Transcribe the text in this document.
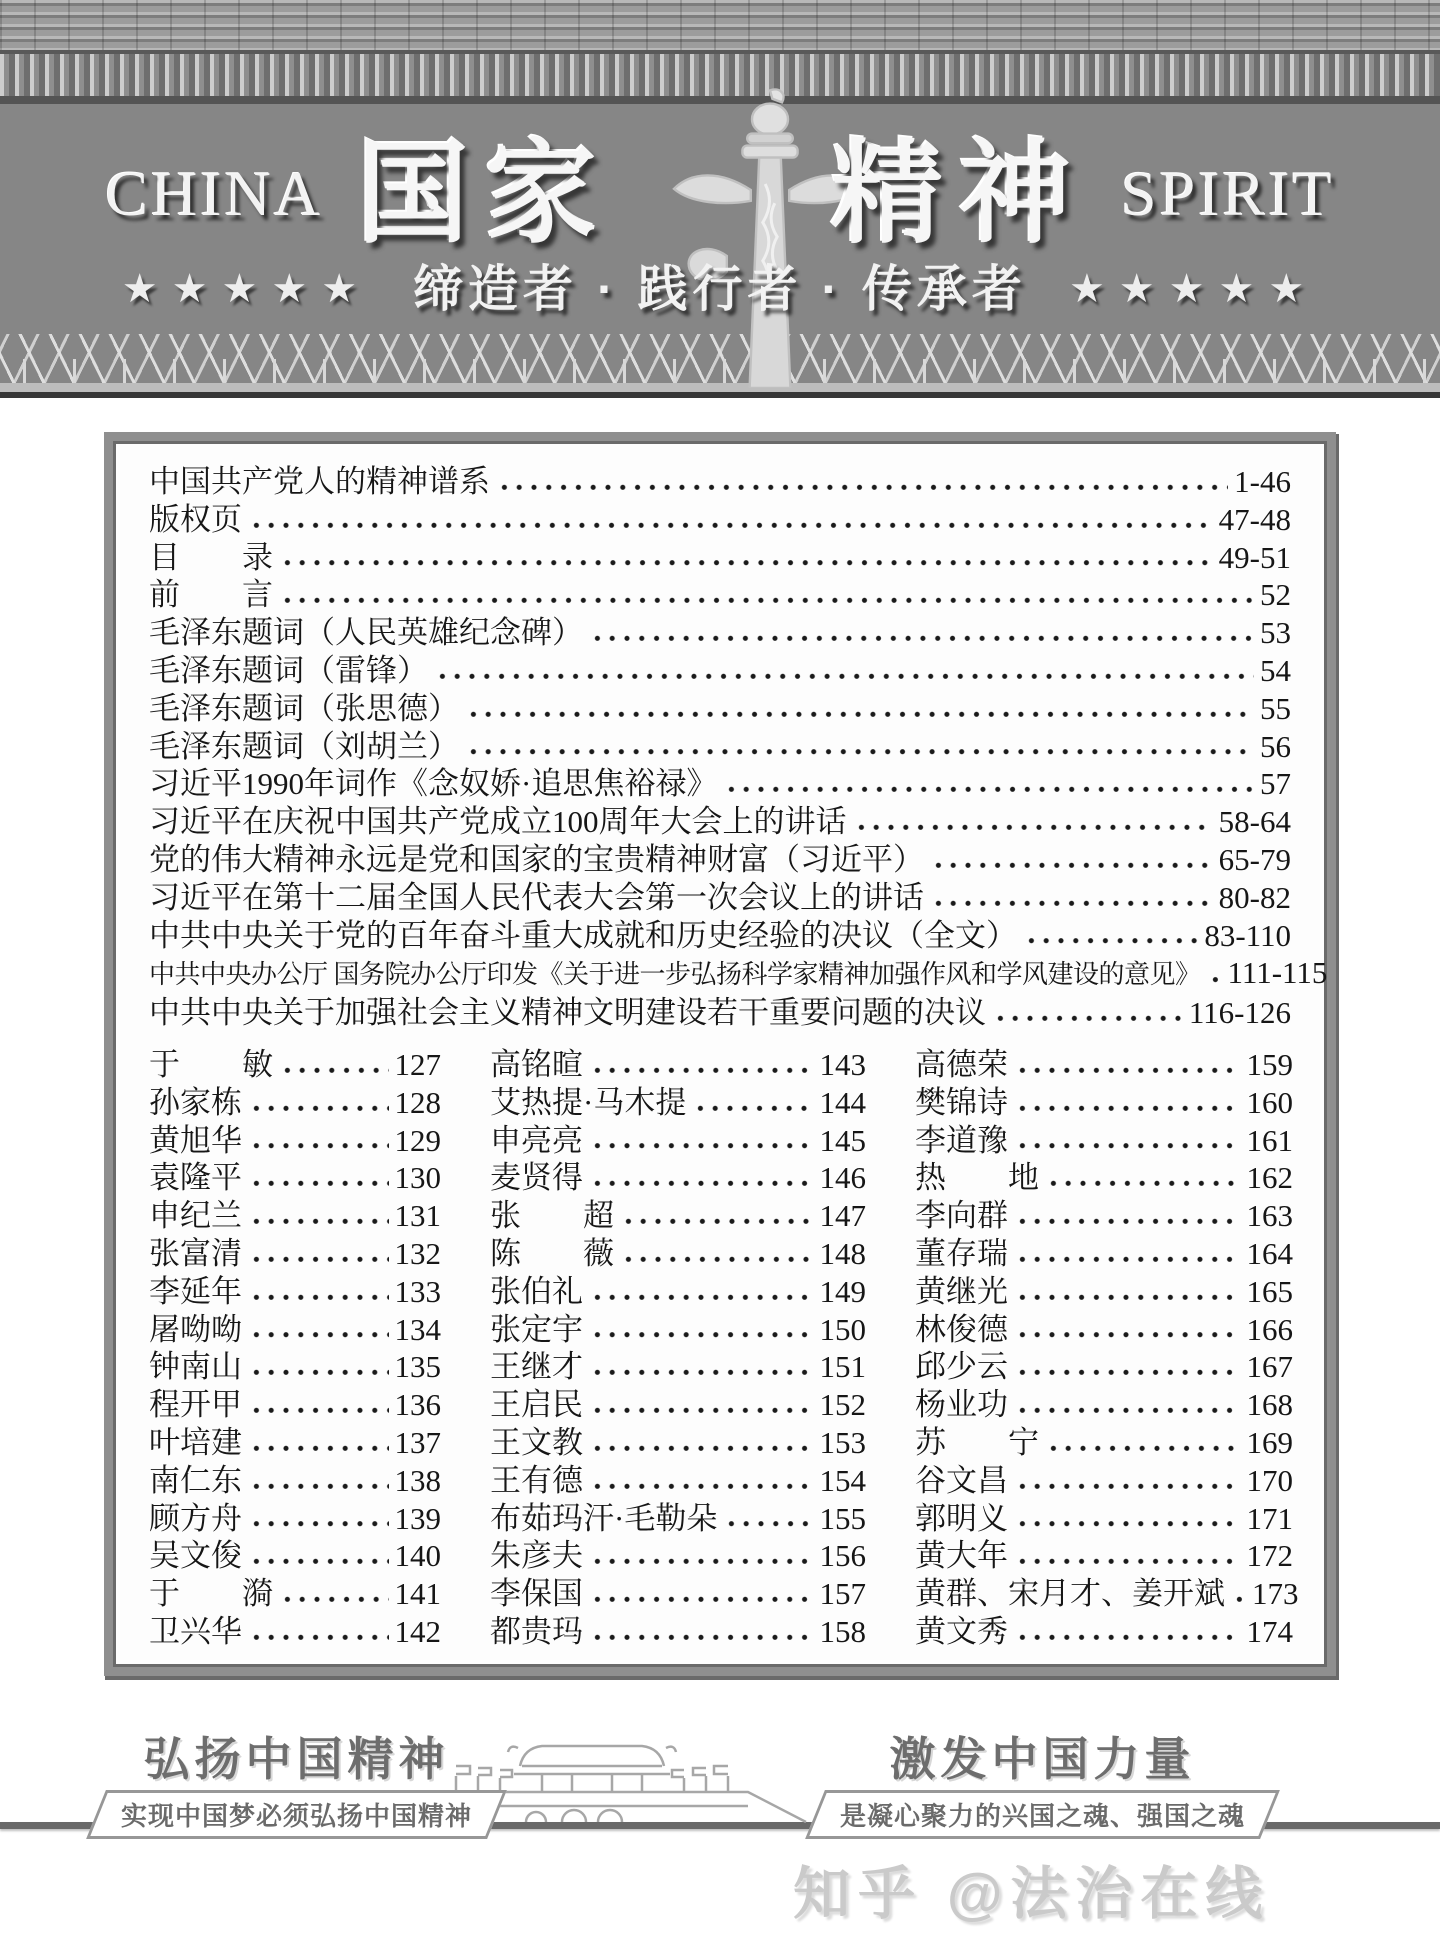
CHINA 国家 精神 SPIRIT
★★★★★ 缔造者 · 践行者 · 传承者 ★★★★★
中国共产党人的精神谱系	1-46
版权页	47-48
目　　录	49-51
前　　言	52
毛泽东题词（人民英雄纪念碑）	53
毛泽东题词（雷锋）	54
毛泽东题词（张思德）	55
毛泽东题词（刘胡兰）	56
习近平1990年词作《念奴娇·追思焦裕禄》	57
习近平在庆祝中国共产党成立100周年大会上的讲话	58-64
党的伟大精神永远是党和国家的宝贵精神财富（习近平）	65-79
习近平在第十二届全国人民代表大会第一次会议上的讲话	80-82
中共中央关于党的百年奋斗重大成就和历史经验的决议（全文）	83-110
中共中央办公厅 国务院办公厅印发《关于进一步弘扬科学家精神加强作风和学风建设的意见》 111-115
中共中央关于加强社会主义精神文明建设若干重要问题的决议	116-126
于　　敏	127
孙家栋	128
黄旭华	129
袁隆平	130
申纪兰	131
张富清	132
李延年	133
屠呦呦	134
钟南山	135
程开甲	136
叶培建	137
南仁东	138
顾方舟	139
吴文俊	140
于　　漪	141
卫兴华	142
高铭暄	143
艾热提·马木提	144
申亮亮	145
麦贤得	146
张　　超	147
陈　　薇	148
张伯礼	149
张定宇	150
王继才	151
王启民	152
王文教	153
王有德	154
布茹玛汗·毛勒朵	155
朱彦夫	156
李保国	157
都贵玛	158
高德荣	159
樊锦诗	160
李道豫	161
热　　地	162
李向群	163
董存瑞	164
黄继光	165
林俊德	166
邱少云	167
杨业功	168
苏　　宁	169
谷文昌	170
郭明义	171
黄大年	172
黄群、宋月才、姜开斌 173
黄文秀	174
弘扬中国精神
实现中国梦必须弘扬中国精神
激发中国力量
是凝心聚力的兴国之魂、强国之魂
知乎 @法治在线
